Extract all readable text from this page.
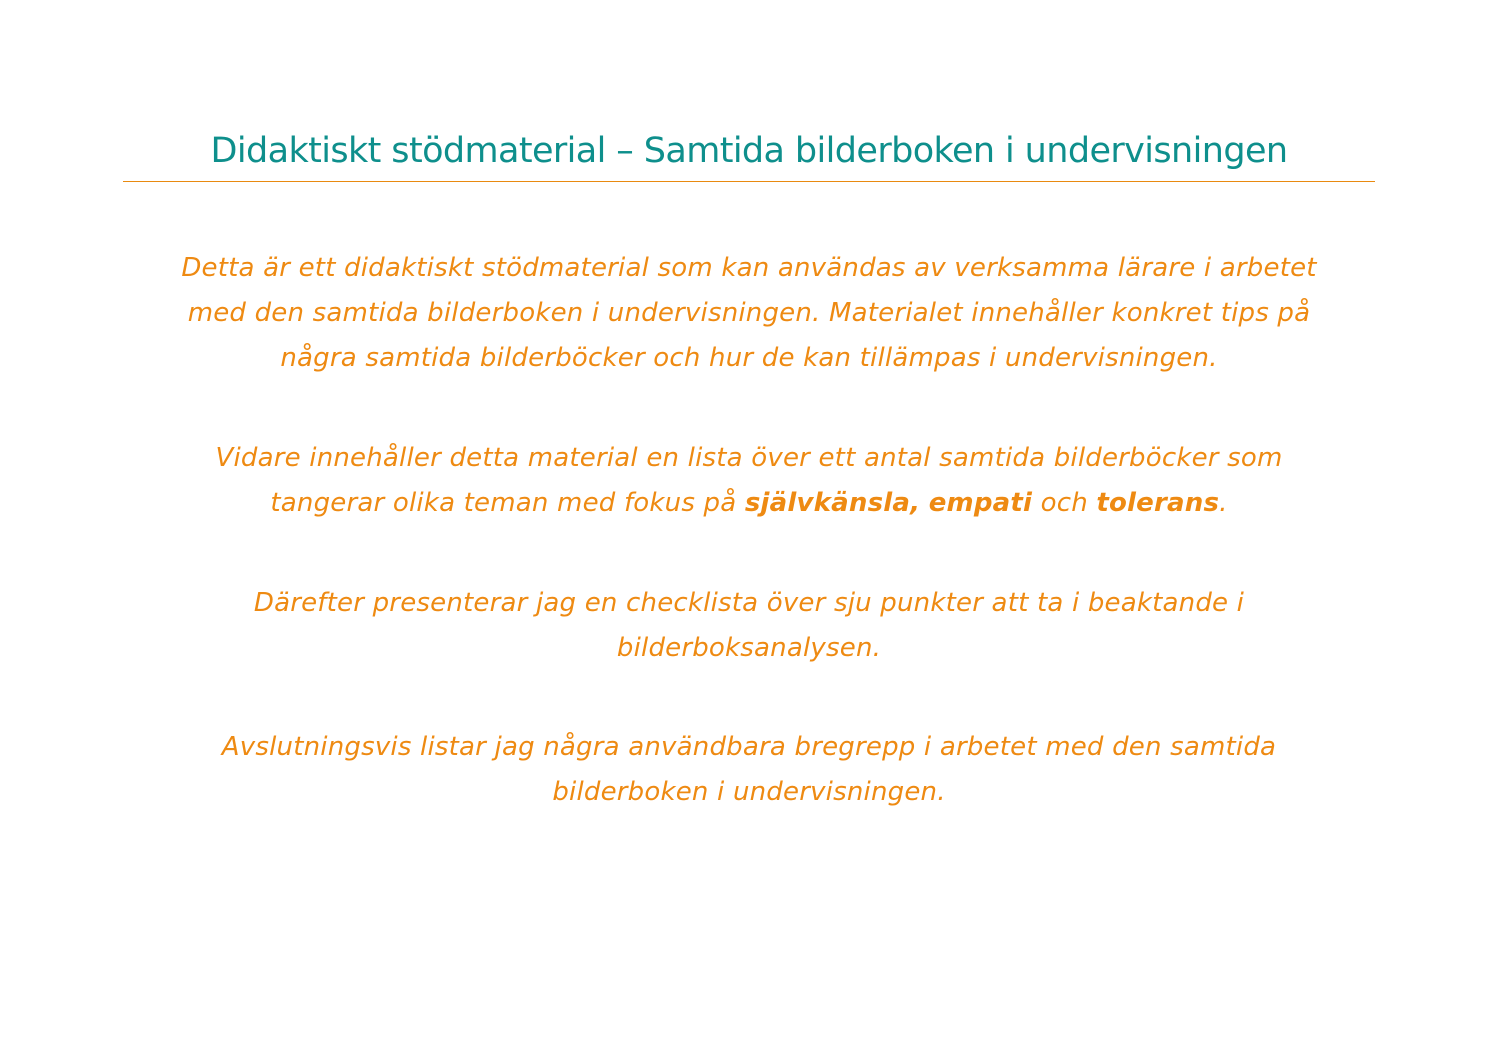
Didaktiskt stödmaterial – Samtida bilderboken i undervisningen
Detta är ett didaktiskt stödmaterial som kan användas av verksamma lärare i arbetet
med den samtida bilderboken i undervisningen. Materialet innehåller konkret tips på
några samtida bilderböcker och hur de kan tillämpas i undervisningen.
Vidare innehåller detta material en lista över ett antal samtida bilderböcker som
tangerar olika teman med fokus på självkänsla, empati och tolerans.
Därefter presenterar jag en checklista över sju punkter att ta i beaktande i
bilderboksanalysen.
Avslutningsvis listar jag några användbara bregrepp i arbetet med den samtida
bilderboken i undervisningen.
